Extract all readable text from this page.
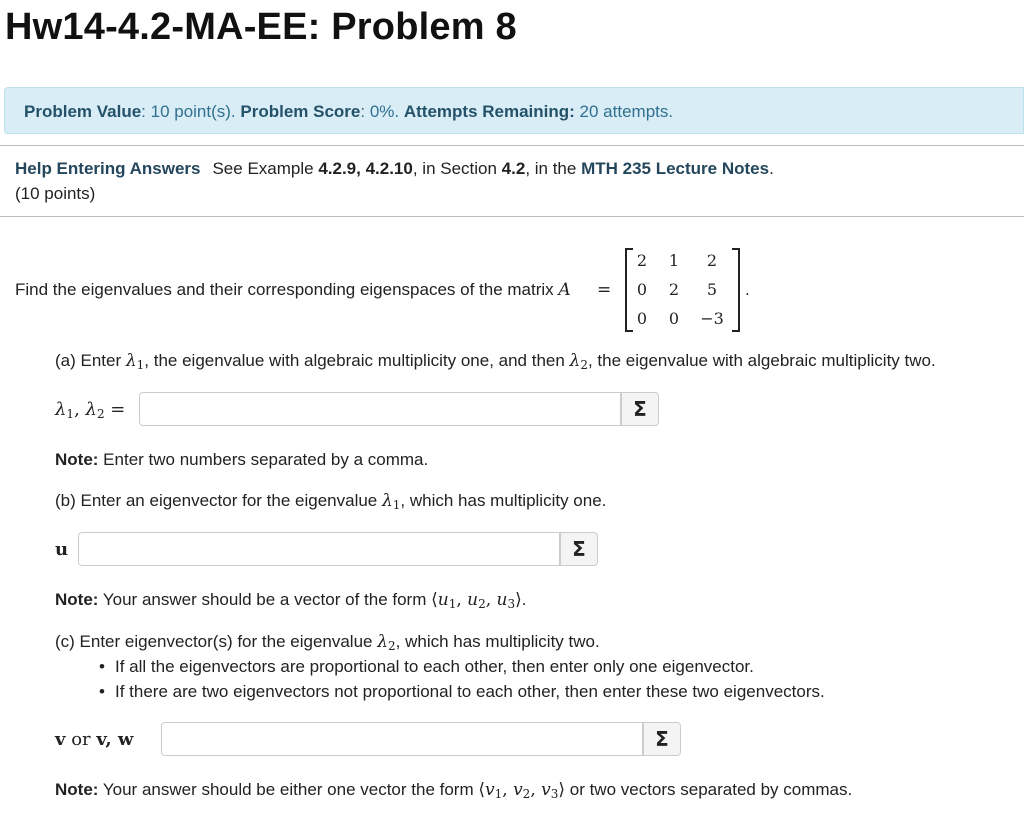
Hw14-4.2-MA-EE: Problem 8
Problem Value: 10 point(s). Problem Score: 0%. Attempts Remaining: 20 attempts.
Help Entering Answers See Example 4.2.9, 4.2.10, in Section 4.2, in the MTH 235 Lecture Notes.
(10 points)
Find the eigenvalues and their corresponding eigenspaces of the matrix A =
2	1	2
0	2	5
0	0	−3
.
(a) Enter $\lambda_1$, the eigenvalue with algebraic multiplicity one, and then $\lambda_2$, the eigenvalue with algebraic multiplicity two.
$\lambda_1$, $\lambda_2$ =	Σ
Note: Enter two numbers separated by a comma.
(b) Enter an eigenvector for the eigenvalue $\lambda_1$, which has multiplicity one.
u	Σ
Note: Your answer should be a vector of the form $⟨u_1$, $u_2$, $u_3⟩$.
(c) Enter eigenvector(s) for the eigenvalue $\lambda_2$, which has multiplicity two.
• If all the eigenvectors are proportional to each other, then enter only one eigenvector.
• If there are two eigenvectors not proportional to each other, then enter these two eigenvectors.
v or v, w	Σ
Note: Your answer should be either one vector the form $⟨v_1$, $v_2$, $v_3⟩$ or two vectors separated by commas.
